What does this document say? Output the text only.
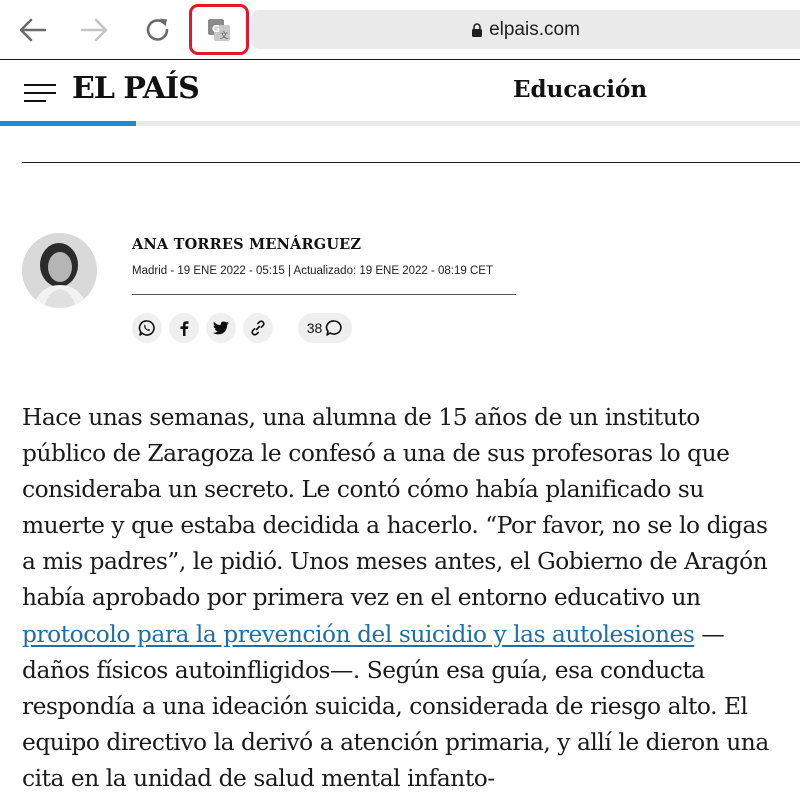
G
文	elpais.com
EL PAÍS	Educación
ANA TORRES MENÁRGUEZ
Madrid - 19 ENE 2022 - 05:15 | Actualizado: 19 ENE 2022 - 08:19 CET
38

Hace unas semanas, una alumna de 15 años de un instituto público de Zaragoza le confesó a una de sus profesoras lo que consideraba un secreto. Le contó cómo había planificado su muerte y que estaba decidida a hacerlo. “Por favor, no se lo digas a mis padres”, le pidió. Unos meses antes, el Gobierno de Aragón había aprobado por primera vez en el entorno educativo un protocolo para la prevención del suicidio y las autolesiones —daños físicos autoinfligidos—. Según esa guía, esa conducta respondía a una ideación suicida, considerada de riesgo alto. El equipo directivo la derivó a atención primaria, y allí le dieron una cita en la unidad de salud mental infanto-
